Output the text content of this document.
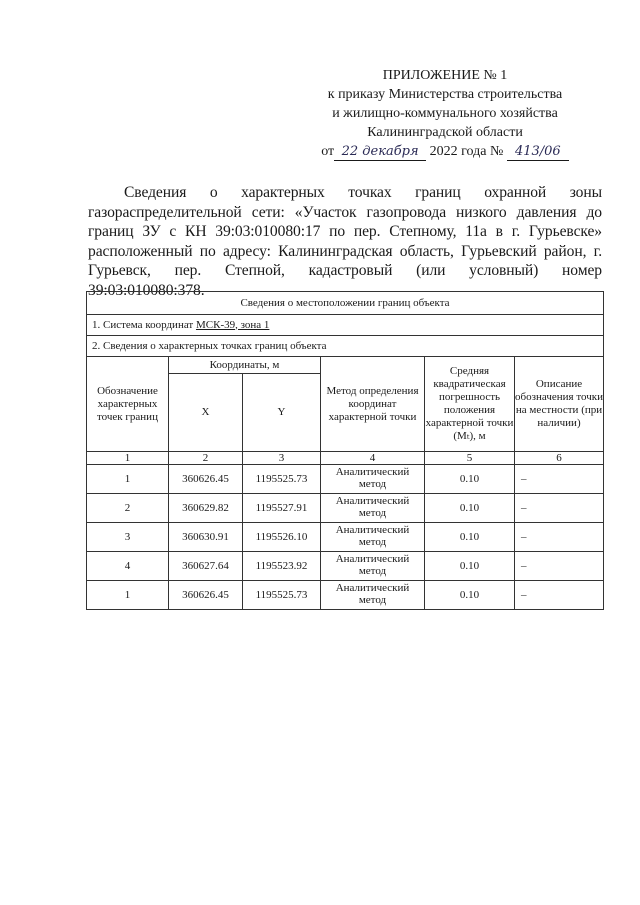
ПРИЛОЖЕНИЕ № 1
к приказу Министерства строительства
и жилищно-коммунального хозяйства
Калининградской области
от 22 декабря 2022 года № 413/06
Сведения о характерных точках границ охранной зоны газораспределительной сети: «Участок газопровода низкого давления до границ ЗУ с КН 39:03:010080:17 по пер. Степному, 11а в г. Гурьевске» расположенный по адресу: Калининградская область, Гурьевский район, г. Гурьевск, пер. Степной, кадастровый (или условный) номер 39:03:010080:378.
Сведения о местоположении границ объекта					
1. Система координат МСК-39, зона 1					
2. Сведения о характерных точках границ объекта					
Обозначение характерных точек границ	Координаты, м		Метод определения координат характерной точки	Средняя квадратическая погрешность положения характерной точки (Mₜ), м	Описание обозначения точки на местности (при наличии)
	X	Y			
1	2	3	4	5	6
1	360626.45	1195525.73	Аналитический метод	0.10	–
2	360629.82	1195527.91	Аналитический метод	0.10	–
3	360630.91	1195526.10	Аналитический метод	0.10	–
4	360627.64	1195523.92	Аналитический метод	0.10	–
1	360626.45	1195525.73	Аналитический метод	0.10	–
